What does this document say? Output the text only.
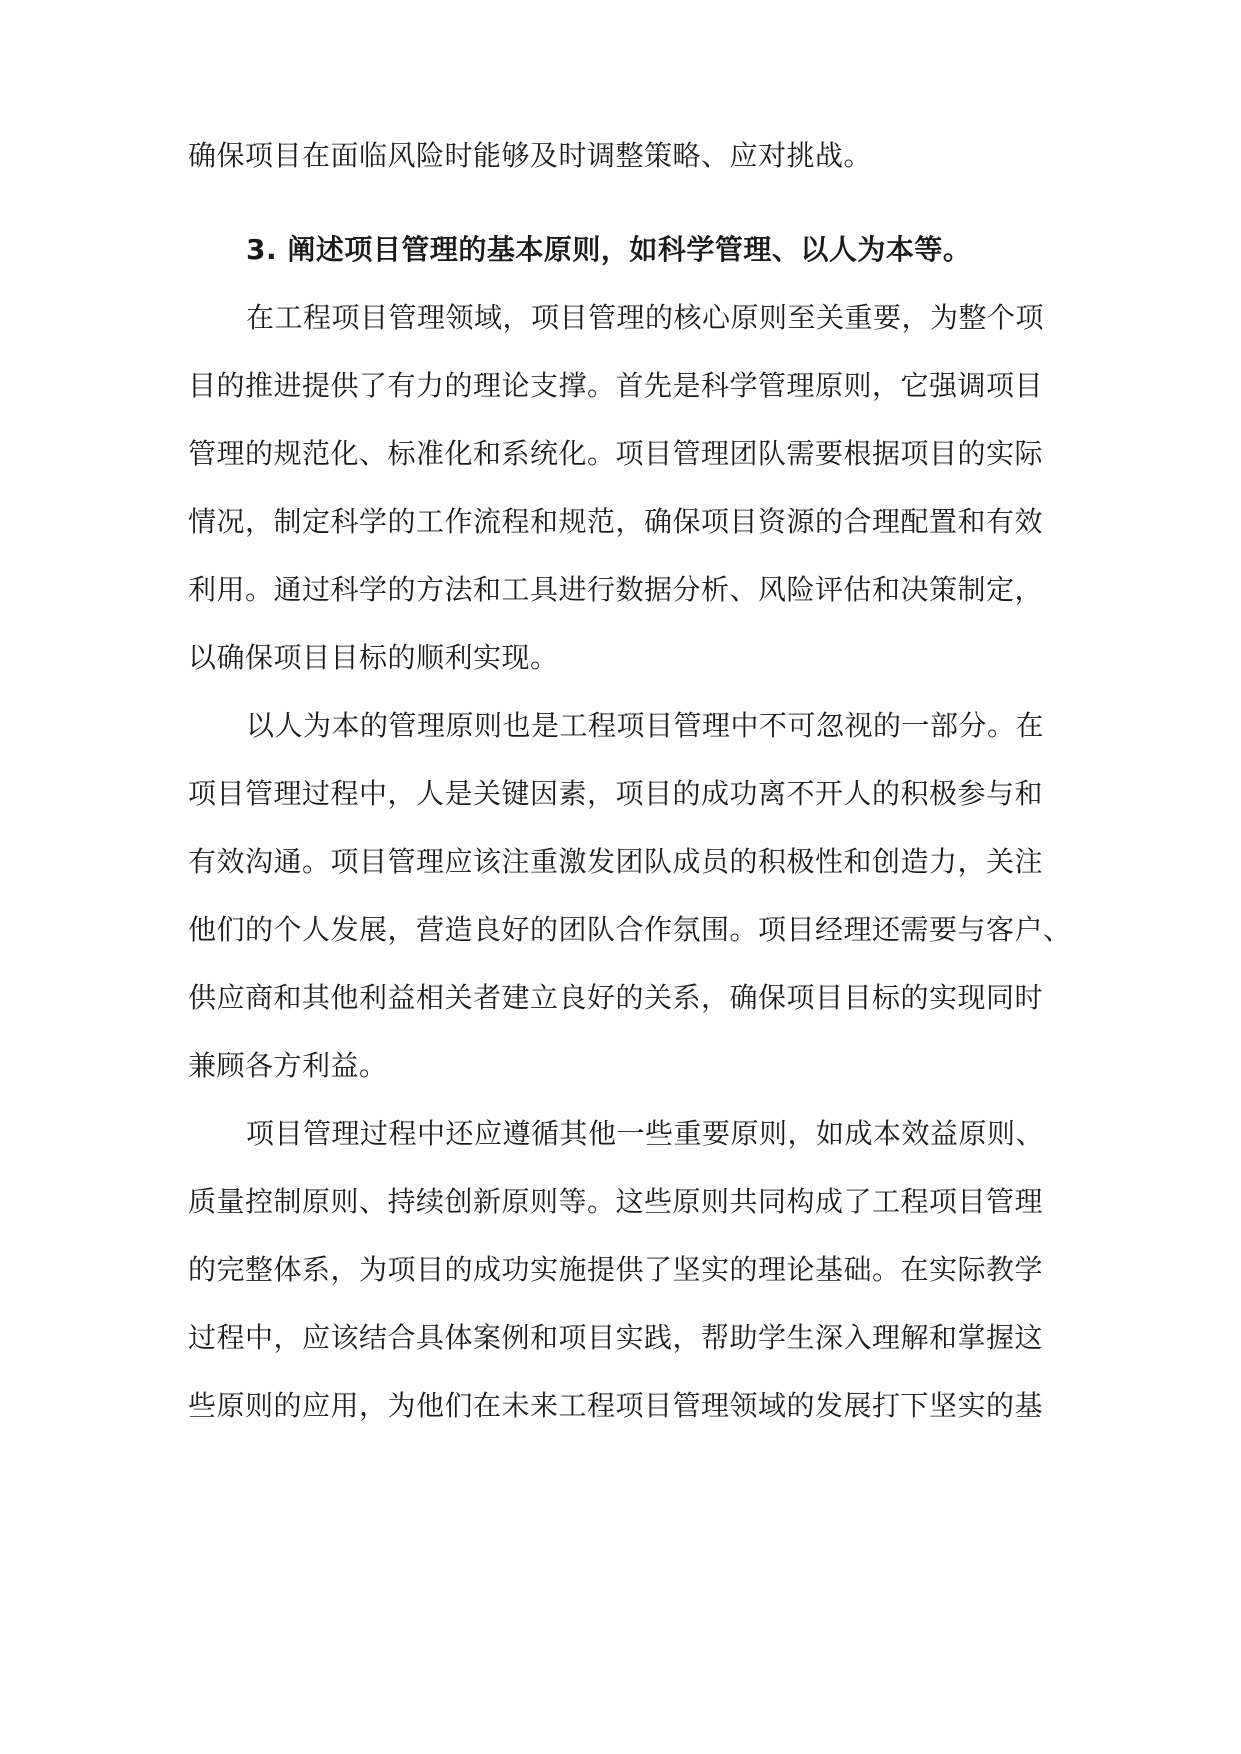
确保项目在面临风险时能够及时调整策略、应对挑战。
3. 阐述项目管理的基本原则，如科学管理、以人为本等。
在工程项目管理领域，项目管理的核心原则至关重要，为整个项
目的推进提供了有力的理论支撑。首先是科学管理原则，它强调项目
管理的规范化、标准化和系统化。项目管理团队需要根据项目的实际
情况，制定科学的工作流程和规范，确保项目资源的合理配置和有效
利用。通过科学的方法和工具进行数据分析、风险评估和决策制定，
以确保项目目标的顺利实现。
以人为本的管理原则也是工程项目管理中不可忽视的一部分。在
项目管理过程中，人是关键因素，项目的成功离不开人的积极参与和
有效沟通。项目管理应该注重激发团队成员的积极性和创造力，关注
他们的个人发展，营造良好的团队合作氛围。项目经理还需要与客户、
供应商和其他利益相关者建立良好的关系，确保项目目标的实现同时
兼顾各方利益。
项目管理过程中还应遵循其他一些重要原则，如成本效益原则、
质量控制原则、持续创新原则等。这些原则共同构成了工程项目管理
的完整体系，为项目的成功实施提供了坚实的理论基础。在实际教学
过程中，应该结合具体案例和项目实践，帮助学生深入理解和掌握这
些原则的应用，为他们在未来工程项目管理领域的发展打下坚实的基
